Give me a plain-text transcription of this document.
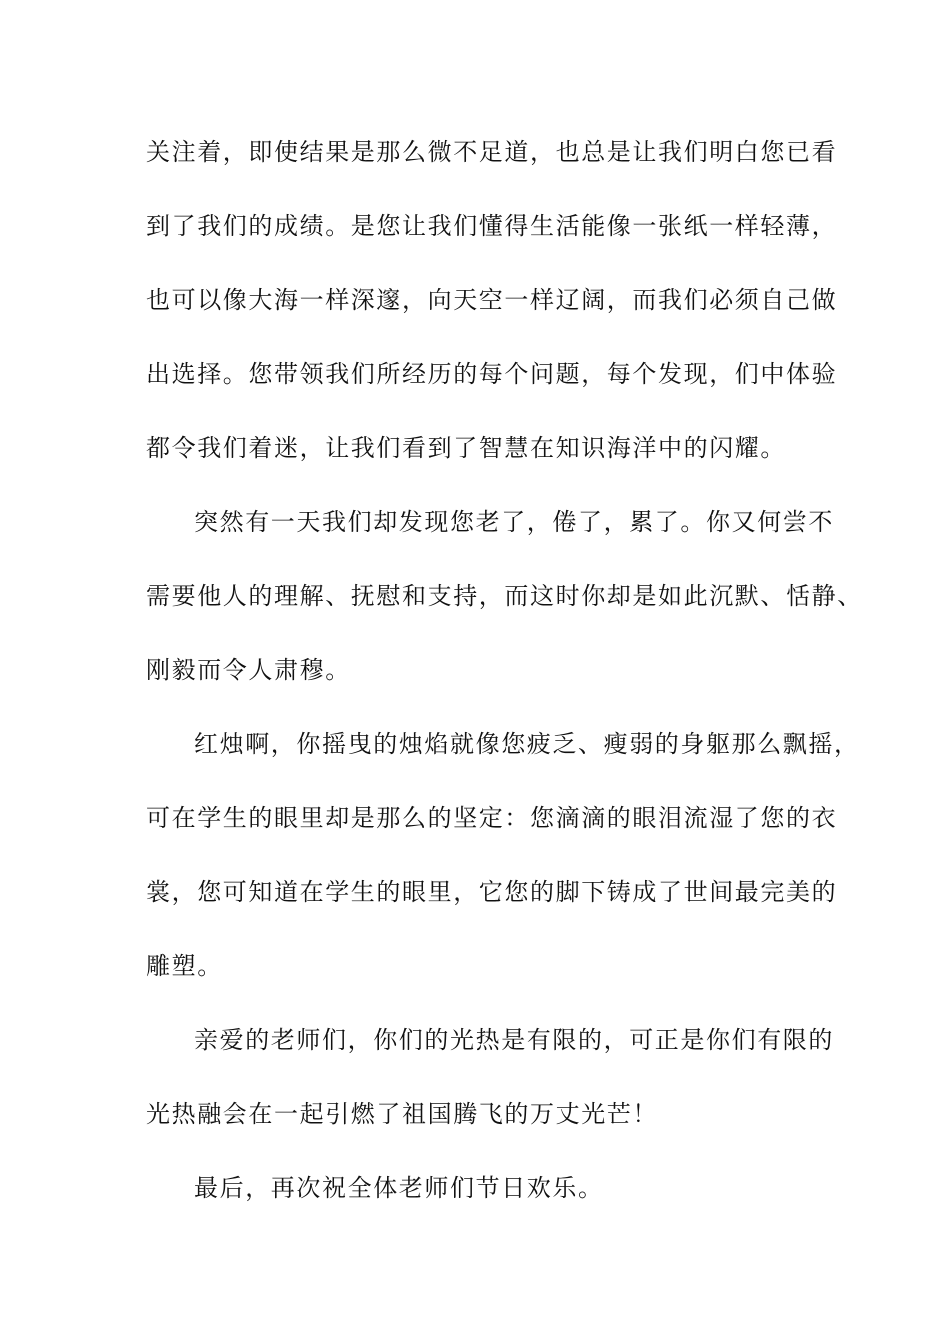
关注着，即使结果是那么微不足道，也总是让我们明白您已看

到了我们的成绩。是您让我们懂得生活能像一张纸一样轻薄，

也可以像大海一样深邃，向天空一样辽阔，而我们必须自己做

出选择。您带领我们所经历的每个问题，每个发现，们中体验

都令我们着迷，让我们看到了智慧在知识海洋中的闪耀。

突然有一天我们却发现您老了，倦了，累了。你又何尝不

需要他人的理解、抚慰和支持，而这时你却是如此沉默、恬静、

刚毅而令人肃穆。

红烛啊，你摇曳的烛焰就像您疲乏、瘦弱的身躯那么飘摇，

可在学生的眼里却是那么的坚定：您滴滴的眼泪流湿了您的衣

裳，您可知道在学生的眼里，它您的脚下铸成了世间最完美的

雕塑。

亲爱的老师们，你们的光热是有限的，可正是你们有限的

光热融会在一起引燃了祖国腾飞的万丈光芒！

最后，再次祝全体老师们节日欢乐。
